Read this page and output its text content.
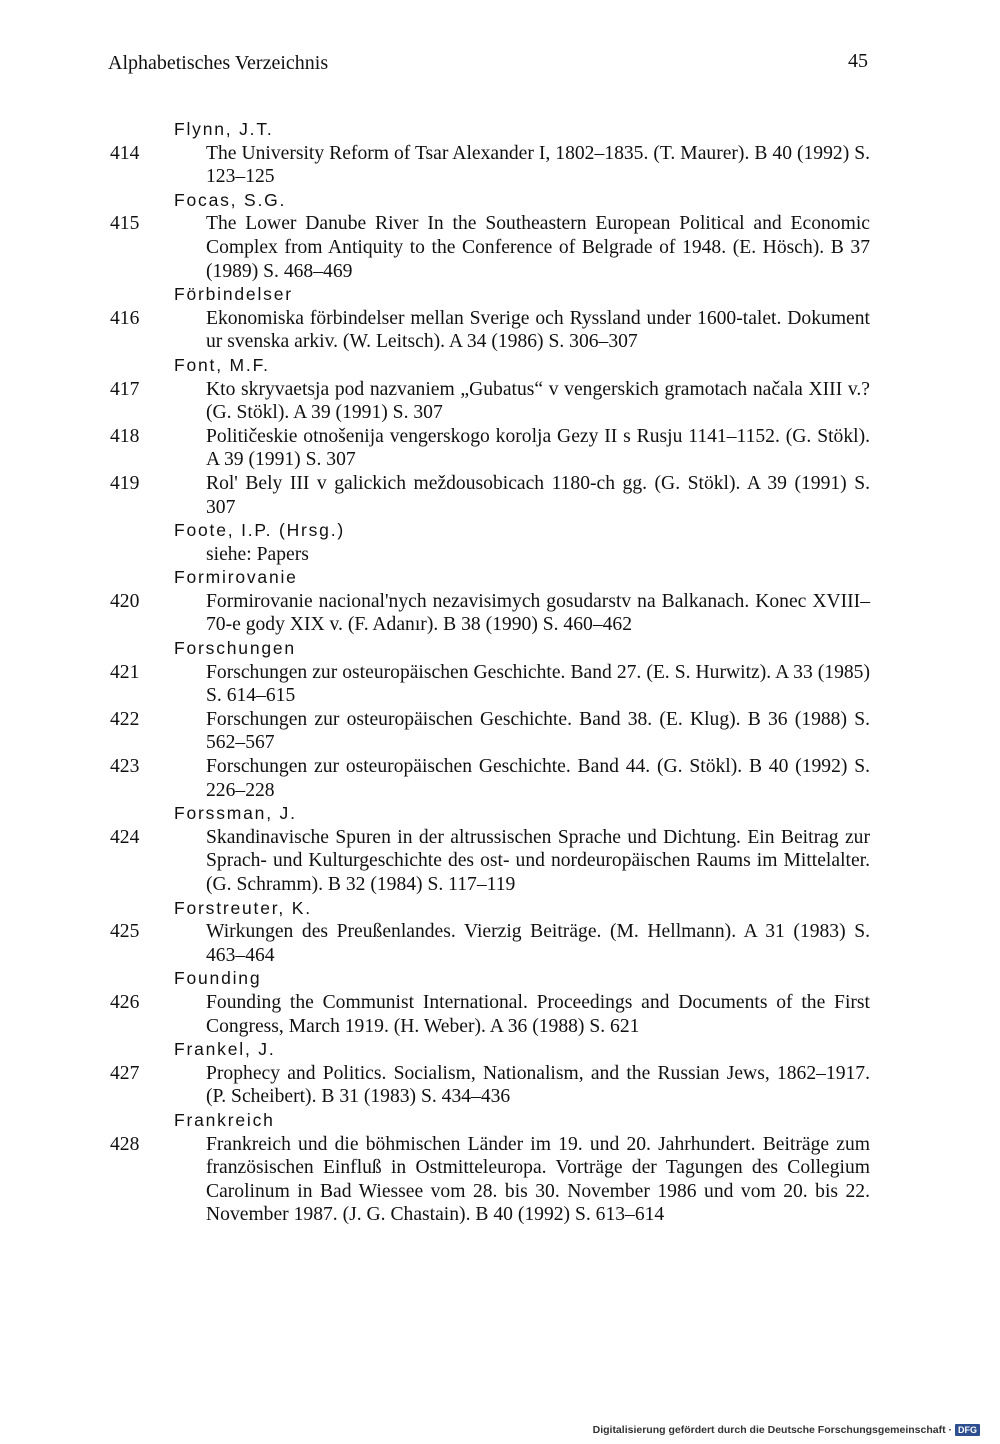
Alphabetisches Verzeichnis	45
Flynn, J.T.
414	The University Reform of Tsar Alexander I, 1802–1835. (T. Maurer). B 40 (1992) S. 123–125
Focas, S.G.
415	The Lower Danube River In the Southeastern European Political and Economic Complex from Antiquity to the Conference of Belgrade of 1948. (E. Hösch). B 37 (1989) S. 468–469
Förbindelser
416	Ekonomiska förbindelser mellan Sverige och Ryssland under 1600-talet. Dokument ur svenska arkiv. (W. Leitsch). A 34 (1986) S. 306–307
Font, M.F.
417	Kto skryvaetsja pod nazvaniem „Gubatus“ v vengerskich gramotach načala XIII v.? (G. Stökl). A 39 (1991) S. 307
418	Političeskie otnošenija vengerskogo korolja Gezy II s Rusju 1141–1152. (G. Stökl). A 39 (1991) S. 307
419	Rol' Bely III v galickich meždousobicach 1180-ch gg. (G. Stökl). A 39 (1991) S. 307
Foote, I.P. (Hrsg.)
siehe: Papers
Formirovanie
420	Formirovanie nacional'nych nezavisimych gosudarstv na Balkanach. Konec XVIII–70-e gody XIX v. (F. Adanır). B 38 (1990) S. 460–462
Forschungen
421	Forschungen zur osteuropäischen Geschichte. Band 27. (E. S. Hurwitz). A 33 (1985) S. 614–615
422	Forschungen zur osteuropäischen Geschichte. Band 38. (E. Klug). B 36 (1988) S. 562–567
423	Forschungen zur osteuropäischen Geschichte. Band 44. (G. Stökl). B 40 (1992) S. 226–228
Forssman, J.
424	Skandinavische Spuren in der altrussischen Sprache und Dichtung. Ein Beitrag zur Sprach- und Kulturgeschichte des ost- und nordeuropäischen Raums im Mittelalter. (G. Schramm). B 32 (1984) S. 117–119
Forstreuter, K.
425	Wirkungen des Preußenlandes. Vierzig Beiträge. (M. Hellmann). A 31 (1983) S. 463–464
Founding
426	Founding the Communist International. Proceedings and Documents of the First Congress, March 1919. (H. Weber). A 36 (1988) S. 621
Frankel, J.
427	Prophecy and Politics. Socialism, Nationalism, and the Russian Jews, 1862–1917. (P. Scheibert). B 31 (1983) S. 434–436
Frankreich
428	Frankreich und die böhmischen Länder im 19. und 20. Jahrhundert. Beiträge zum französischen Einfluß in Ostmitteleuropa. Vorträge der Tagungen des Collegium Carolinum in Bad Wiessee vom 28. bis 30. November 1986 und vom 20. bis 22. November 1987. (J. G. Chastain). B 40 (1992) S. 613–614
Digitalisierung gefördert durch die Deutsche Forschungsgemeinschaft · DFG
